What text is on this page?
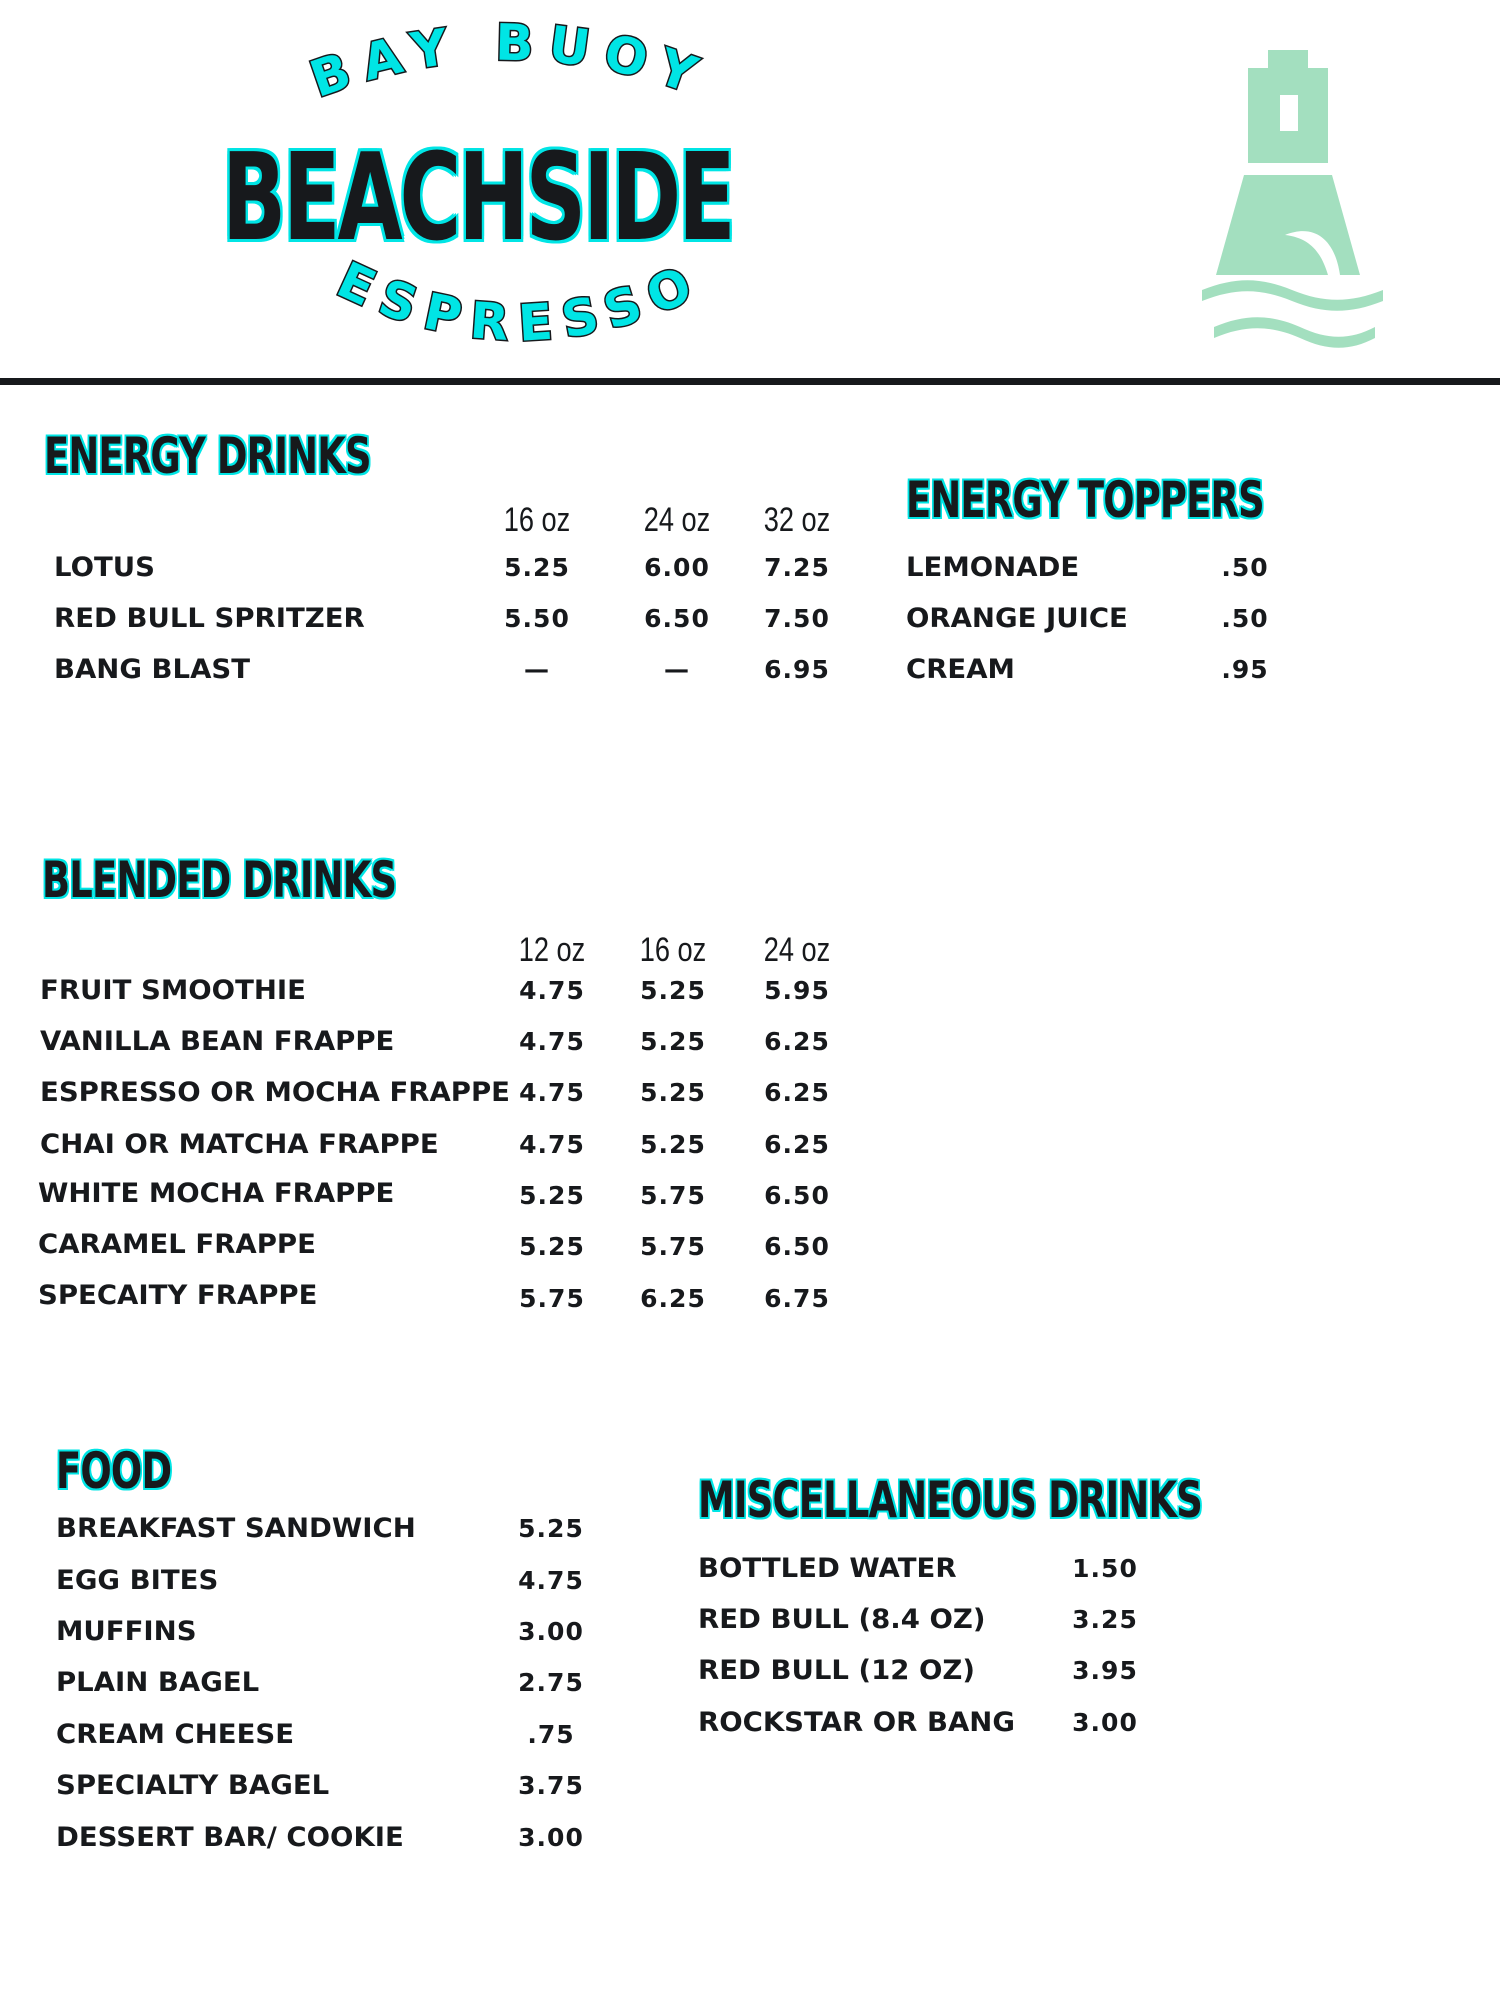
BAY BUOY
ESPRESSO
BEACHSIDE
ENERGY DRINKS
16 oz	24 oz	32 oz
LOTUS	5.25	6.00	7.25
RED BULL SPRITZER	5.50	6.50	7.50
BANG BLAST	—	—	6.95
ENERGY TOPPERS
LEMONADE	.50
ORANGE JUICE	.50
CREAM	.95
BLENDED DRINKS
12 oz	16 oz	24 oz
FRUIT SMOOTHIE	4.75	5.25	5.95
VANILLA BEAN FRAPPE	4.75	5.25	6.25
ESPRESSO OR MOCHA FRAPPE 4.75	5.25	6.25
CHAI OR MATCHA FRAPPE	4.75	5.25	6.25
WHITE MOCHA FRAPPE	5.25	5.75	6.50
CARAMEL FRAPPE	5.25	5.75	6.50
SPECAITY FRAPPE	5.75	6.25	6.75
FOOD
BREAKFAST SANDWICH	5.25
EGG BITES	4.75
MUFFINS	3.00
PLAIN BAGEL	2.75
CREAM CHEESE	.75
SPECIALTY BAGEL	3.75
DESSERT BAR/ COOKIE	3.00
MISCELLANEOUS DRINKS
BOTTLED WATER	1.50
RED BULL (8.4 OZ)	3.25
RED BULL (12 OZ)	3.95
ROCKSTAR OR BANG	3.00
